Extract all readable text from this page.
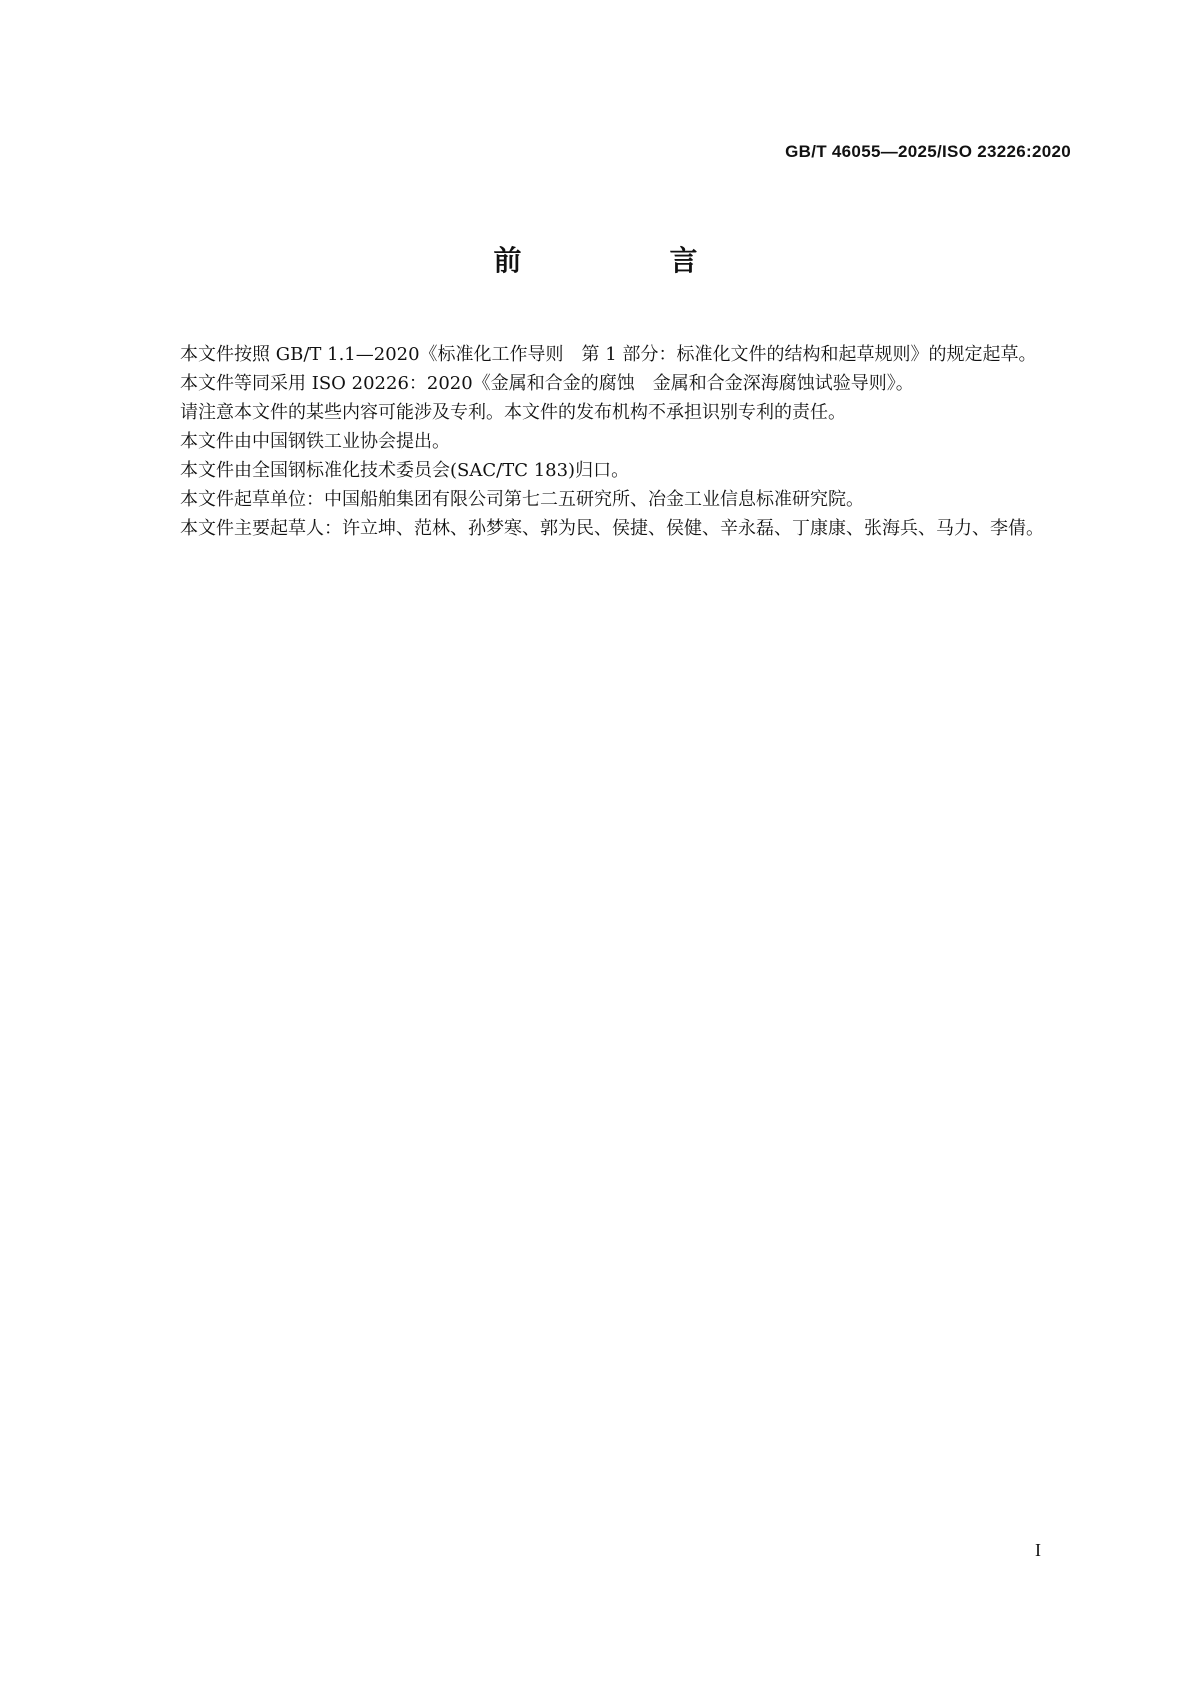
GB/T 46055—2025/ISO 23226:2020
前　言

本文件按照 GB/T 1.1—2020《标准化工作导则　第 1 部分：标准化文件的结构和起草规则》的规定起草。

本文件等同采用 ISO 20226：2020《金属和合金的腐蚀　金属和合金深海腐蚀试验导则》。

请注意本文件的某些内容可能涉及专利。本文件的发布机构不承担识别专利的责任。

本文件由中国钢铁工业协会提出。

本文件由全国钢标准化技术委员会(SAC/TC 183)归口。

本文件起草单位：中国船舶集团有限公司第七二五研究所、冶金工业信息标准研究院。

本文件主要起草人：许立坤、范林、孙梦寒、郭为民、侯捷、侯健、辛永磊、丁康康、张海兵、马力、李倩。

I
